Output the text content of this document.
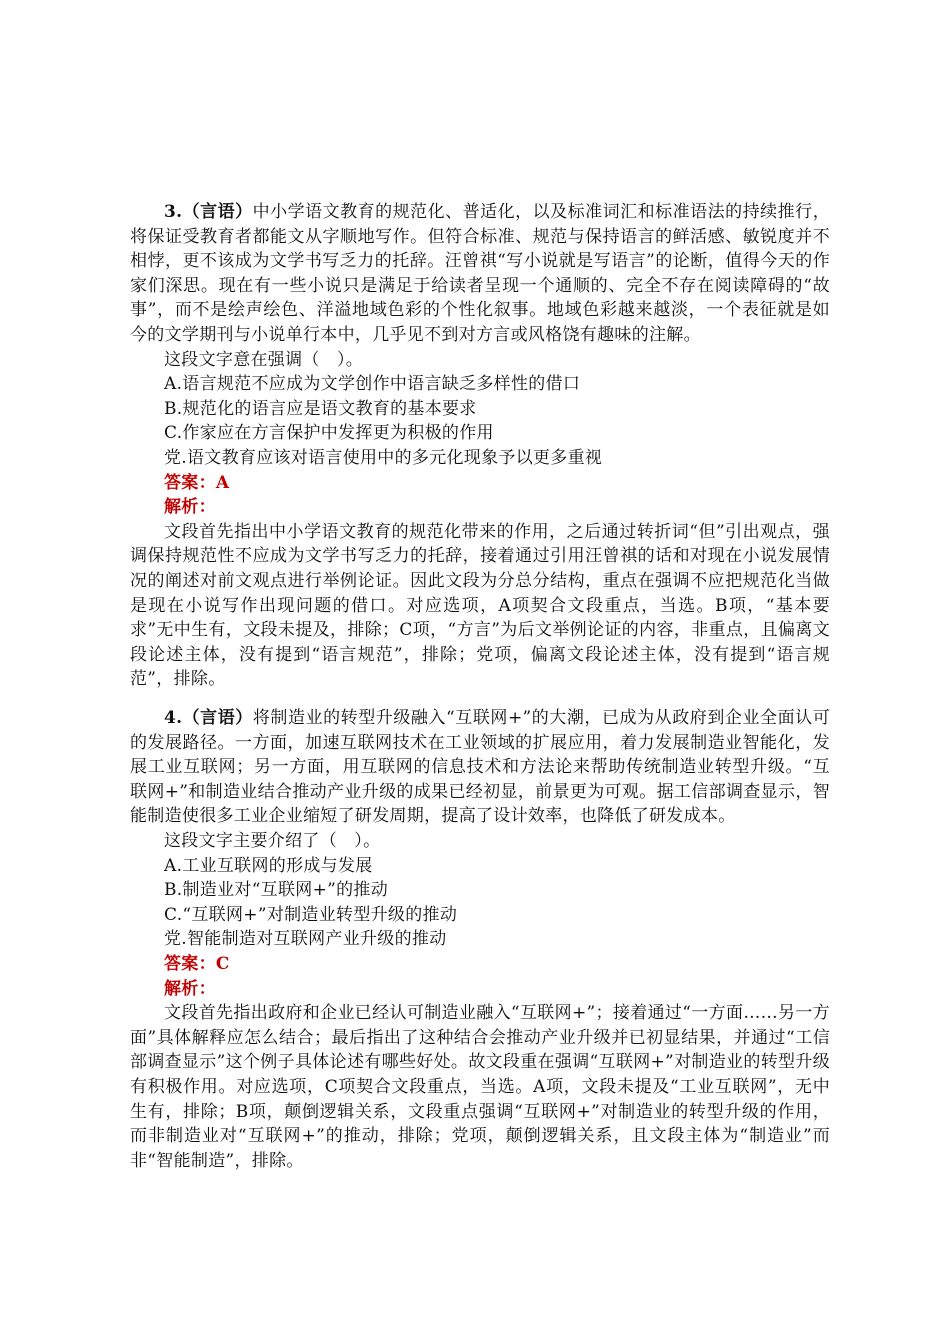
3.（言语）中小学语文教育的规范化、普适化，以及标准词汇和标准语法的持续推行，将保证受教育者都能文从字顺地写作。但符合标准、规范与保持语言的鲜活感、敏锐度并不相悖，更不该成为文学书写乏力的托辞。汪曾祺“写小说就是写语言”的论断，值得今天的作家们深思。现在有一些小说只是满足于给读者呈现一个通顺的、完全不存在阅读障碍的“故事”，而不是绘声绘色、洋溢地域色彩的个性化叙事。地域色彩越来越淡，一个表征就是如今的文学期刊与小说单行本中，几乎见不到对方言或风格饶有趣味的注解。

这段文字意在强调（　）。

A.语言规范不应成为文学创作中语言缺乏多样性的借口

B.规范化的语言应是语文教育的基本要求

C.作家应在方言保护中发挥更为积极的作用

党.语文教育应该对语言使用中的多元化现象予以更多重视

答案：A

解析：

文段首先指出中小学语文教育的规范化带来的作用，之后通过转折词“但”引出观点，强调保持规范性不应成为文学书写乏力的托辞，接着通过引用汪曾祺的话和对现在小说发展情况的阐述对前文观点进行举例论证。因此文段为分总分结构，重点在强调不应把规范化当做是现在小说写作出现问题的借口。对应选项，A项契合文段重点，当选。B项，“基本要求”无中生有，文段未提及，排除；C项，“方言”为后文举例论证的内容，非重点，且偏离文段论述主体，没有提到“语言规范”，排除；党项，偏离文段论述主体，没有提到“语言规范”，排除。

4.（言语）将制造业的转型升级融入“互联网+”的大潮，已成为从政府到企业全面认可的发展路径。一方面，加速互联网技术在工业领域的扩展应用，着力发展制造业智能化，发展工业互联网；另一方面，用互联网的信息技术和方法论来帮助传统制造业转型升级。“互联网+”和制造业结合推动产业升级的成果已经初显，前景更为可观。据工信部调查显示，智能制造使很多工业企业缩短了研发周期，提高了设计效率，也降低了研发成本。

这段文字主要介绍了（　）。

A.工业互联网的形成与发展

B.制造业对“互联网+”的推动

C.“互联网+”对制造业转型升级的推动

党.智能制造对互联网产业升级的推动

答案：C

解析：

文段首先指出政府和企业已经认可制造业融入“互联网+”；接着通过“一方面……另一方面”具体解释应怎么结合；最后指出了这种结合会推动产业升级并已初显结果，并通过“工信部调查显示”这个例子具体论述有哪些好处。故文段重在强调“互联网+”对制造业的转型升级有积极作用。对应选项，C项契合文段重点，当选。A项，文段未提及“工业互联网”，无中生有，排除；B项，颠倒逻辑关系，文段重点强调“互联网+”对制造业的转型升级的作用，而非制造业对“互联网+”的推动，排除；党项，颠倒逻辑关系，且文段主体为“制造业”而非“智能制造”，排除。
